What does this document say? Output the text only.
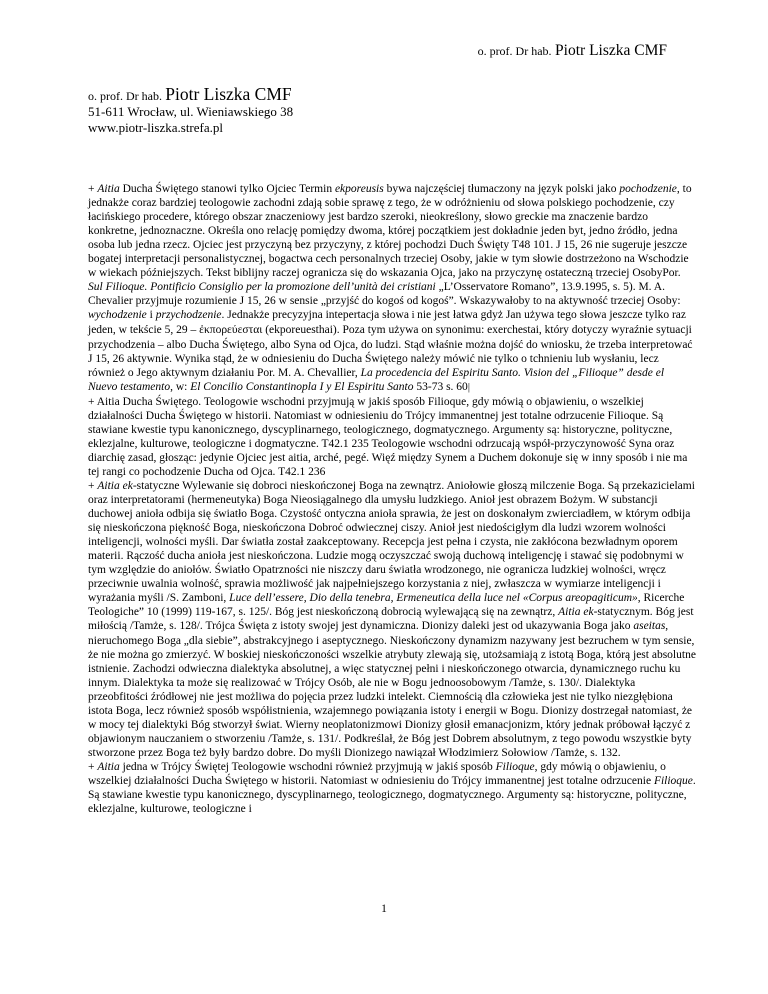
o. prof. Dr hab. Piotr Liszka CMF
o. prof. Dr hab. Piotr Liszka CMF
51-611 Wrocław, ul. Wieniawskiego 38
www.piotr-liszka.strefa.pl

+ Aitia Ducha Świętego stanowi tylko Ojciec Termin ekporeusis bywa najczęściej tłumaczony na język polski jako pochodzenie, to jednakże coraz bardziej teologowie zachodni zdają sobie sprawę z tego, że w odróżnieniu od słowa polskiego pochodzenie, czy łacińskiego procedere, którego obszar znaczeniowy jest bardzo szeroki, nieokreślony, słowo greckie ma znaczenie bardzo konkretne, jednoznaczne. Określa ono relację pomiędzy dwoma, której początkiem jest dokładnie jeden byt, jedno źródło, jedna osoba lub jedna rzecz. Ojciec jest przyczyną bez przyczyny, z której pochodzi Duch Święty T48 101. J 15, 26 nie sugeruje jeszcze bogatej interpretacji personalistycznej, bogactwa cech personalnych trzeciej Osoby, jakie w tym słowie dostrzeżono na Wschodzie w wiekach późniejszych. Tekst biblijny raczej ogranicza się do wskazania Ojca, jako na przyczynę ostateczną trzeciej OsobyPor. Sul Filioque. Pontificio Consiglio per la promozione dell’unità dei cristiani „L’Osservatore Romano”, 13.9.1995, s. 5). M. A. Chevalier przyjmuje rozumienie J 15, 26 w sensie „przyjść do kogoś od kogoś”. Wskazywałoby to na aktywność trzeciej Osoby: wychodzenie i przychodzenie. Jednakże precyzyjna intepertacja słowa i nie jest łatwa gdyż Jan używa tego słowa jeszcze tylko raz jeden, w tekście 5, 29 – ἐκπορεύεσται (ekporeuesthai). Poza tym używa on synonimu: exerchestai, który dotyczy wyraźnie sytuacji przychodzenia – albo Ducha Świętego, albo Syna od Ojca, do ludzi. Stąd właśnie można dojść do wniosku, że trzeba interpretować J 15, 26 aktywnie. Wynika stąd, że w odniesieniu do Ducha Świętego należy mówić nie tylko o tchnieniu lub wysłaniu, lecz również o Jego aktywnym działaniu Por. M. A. Chevallier, La procedencia del Espiritu Santo. Vision del „Filioque” desde el Nuevo testamento, w: El Concilio Constantinopla I y El Espiritu Santo 53-73 s. 60|

+ Aitia Ducha Świętego. Teologowie wschodni przyjmują w jakiś sposób Filioque, gdy mówią o objawieniu, o wszelkiej działalności Ducha Świętego w historii. Natomiast w odniesieniu do Trójcy immanentnej jest totalne odrzucenie Filioque. Są stawiane kwestie typu kanonicznego, dyscyplinarnego, teologicznego, dogmatycznego. Argumenty są: historyczne, polityczne, eklezjalne, kulturowe, teologiczne i dogmatyczne. T42.1 235 Teologowie wschodni odrzucają współ-przyczynowość Syna oraz diarchię zasad, głosząc: jedynie Ojciec jest aitia, arché, pegé. Więź między Synem a Duchem dokonuje się w inny sposób i nie ma tej rangi co pochodzenie Ducha od Ojca. T42.1 236

+ Aitia ek-statyczne Wylewanie się dobroci nieskończonej Boga na zewnątrz. Aniołowie głoszą milczenie Boga. Są przekazicielami oraz interpretatorami (hermeneutyka) Boga Nieosiągalnego dla umysłu ludzkiego. Anioł jest obrazem Bożym. W substancji duchowej anioła odbija się światło Boga. Czystość ontyczna anioła sprawia, że jest on doskonałym zwierciadłem, w którym odbija się nieskończona piękność Boga, nieskończona Dobroć odwiecznej ciszy. Anioł jest niedościgłym dla ludzi wzorem wolności inteligencji, wolności myśli. Dar światła został zaakceptowany. Recepcja jest pełna i czysta, nie zakłócona bezwładnym oporem materii. Rączość ducha anioła jest nieskończona. Ludzie mogą oczyszczać swoją duchową inteligencję i stawać się podobnymi w tym względzie do aniołów. Światło Opatrzności nie niszczy daru światła wrodzonego, nie ogranicza ludzkiej wolności, wręcz przeciwnie uwalnia wolność, sprawia możliwość jak najpełniejszego korzystania z niej, zwłaszcza w wymiarze inteligencji i wyrażania myśli /S. Zamboni, Luce dell’essere, Dio della tenebra, Ermeneutica della luce nel «Corpus areopagiticum», Ricerche Teologiche” 10 (1999) 119-167, s. 125/. Bóg jest nieskończoną dobrocią wylewającą się na zewnątrz, Aitia ek-statycznym. Bóg jest miłością /Tamże, s. 128/. Trójca Święta z istoty swojej jest dynamiczna. Dionizy daleki jest od ukazywania Boga jako aseitas, nieruchomego Boga „dla siebie”, abstrakcyjnego i aseptycznego. Nieskończony dynamizm nazywany jest bezruchem w tym sensie, że nie można go zmierzyć. W boskiej nieskończoności wszelkie atrybuty zlewają się, utożsamiają z istotą Boga, którą jest absolutne istnienie. Zachodzi odwieczna dialektyka absolutnej, a więc statycznej pełni i nieskończonego otwarcia, dynamicznego ruchu ku innym. Dialektyka ta może się realizować w Trójcy Osób, ale nie w Bogu jednoosobowym /Tamże, s. 130/. Dialektyka przeobfitości źródłowej nie jest możliwa do pojęcia przez ludzki intelekt. Ciemnością dla człowieka jest nie tylko niezgłębiona istota Boga, lecz również sposób współistnienia, wzajemnego powiązania istoty i energii w Bogu. Dionizy dostrzegał natomiast, że w mocy tej dialektyki Bóg stworzył świat. Wierny neoplatonizmowi Dionizy głosił emanacjonizm, który jednak próbował łączyć z objawionym nauczaniem o stworzeniu /Tamże, s. 131/. Podkreślał, że Bóg jest Dobrem absolutnym, z tego powodu wszystkie byty stworzone przez Boga też były bardzo dobre. Do myśli Dionizego nawiązał Włodzimierz Sołowiow /Tamże, s. 132.

+ Aitia jedna w Trójcy Świętej Teologowie wschodni również przyjmują w jakiś sposób Filioque, gdy mówią o objawieniu, o wszelkiej działalności Ducha Świętego w historii. Natomiast w odniesieniu do Trójcy immanentnej jest totalne odrzucenie Filioque. Są stawiane kwestie typu kanonicznego, dyscyplinarnego, teologicznego, dogmatycznego. Argumenty są: historyczne, polityczne, eklezjalne, kulturowe, teologiczne i

1
